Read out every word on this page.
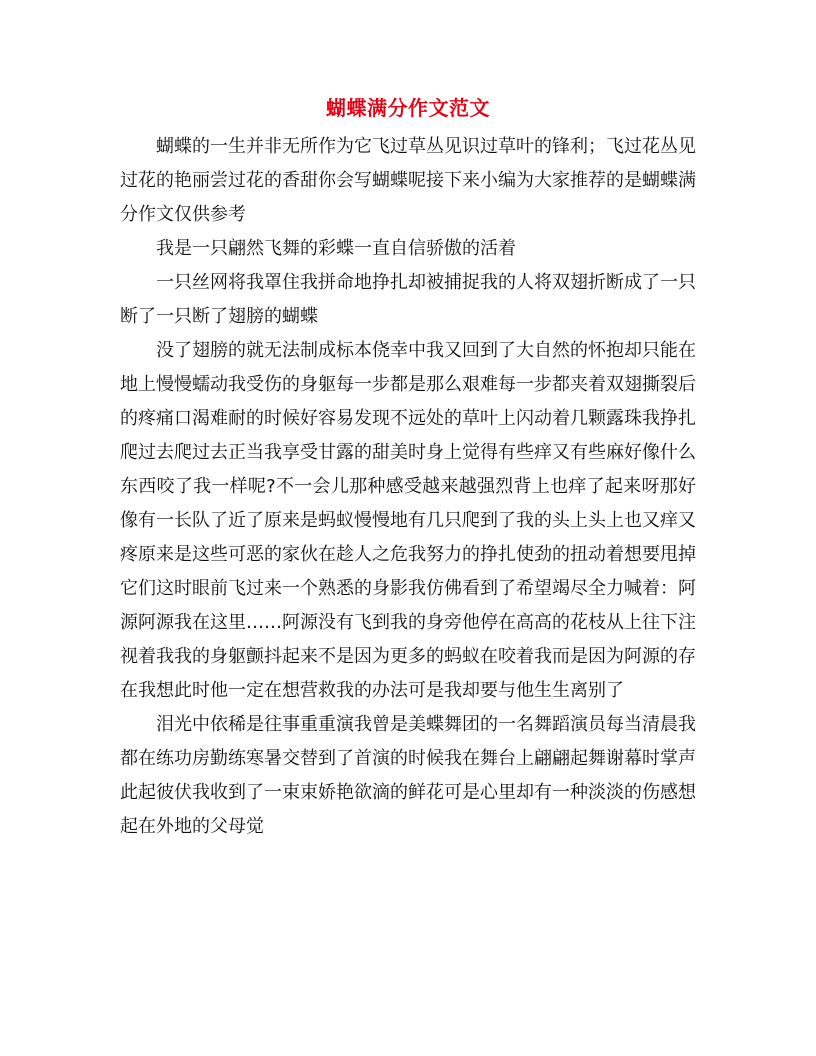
蝴蝶满分作文范文

蝴蝶的一生并非无所作为它飞过草丛见识过草叶的锋利；飞过花丛见过花的艳丽尝过花的香甜你会写蝴蝶呢接下来小编为大家推荐的是蝴蝶满分作文仅供参考

我是一只翩然飞舞的彩蝶一直自信骄傲的活着

一只丝网将我罩住我拼命地挣扎却被捕捉我的人将双翅折断成了一只断了一只断了翅膀的蝴蝶

没了翅膀的就无法制成标本侥幸中我又回到了大自然的怀抱却只能在地上慢慢蠕动我受伤的身躯每一步都是那么艰难每一步都夹着双翅撕裂后的疼痛口渴难耐的时候好容易发现不远处的草叶上闪动着几颗露珠我挣扎爬过去爬过去正当我享受甘露的甜美时身上觉得有些痒又有些麻好像什么东西咬了我一样呢?不一会儿那种感受越来越强烈背上也痒了起来呀那好像有一长队了近了原来是蚂蚁慢慢地有几只爬到了我的头上头上也又痒又疼原来是这些可恶的家伙在趁人之危我努力的挣扎使劲的扭动着想要甩掉它们这时眼前飞过来一个熟悉的身影我仿佛看到了希望竭尽全力喊着：阿源阿源我在这里……阿源没有飞到我的身旁他停在高高的花枝从上往下注视着我我的身躯颤抖起来不是因为更多的蚂蚁在咬着我而是因为阿源的存在我想此时他一定在想营救我的办法可是我却要与他生生离别了

泪光中依稀是往事重重演我曾是美蝶舞团的一名舞蹈演员每当清晨我都在练功房勤练寒暑交替到了首演的时候我在舞台上翩翩起舞谢幕时掌声此起彼伏我收到了一束束娇艳欲滴的鲜花可是心里却有一种淡淡的伤感想起在外地的父母觉
